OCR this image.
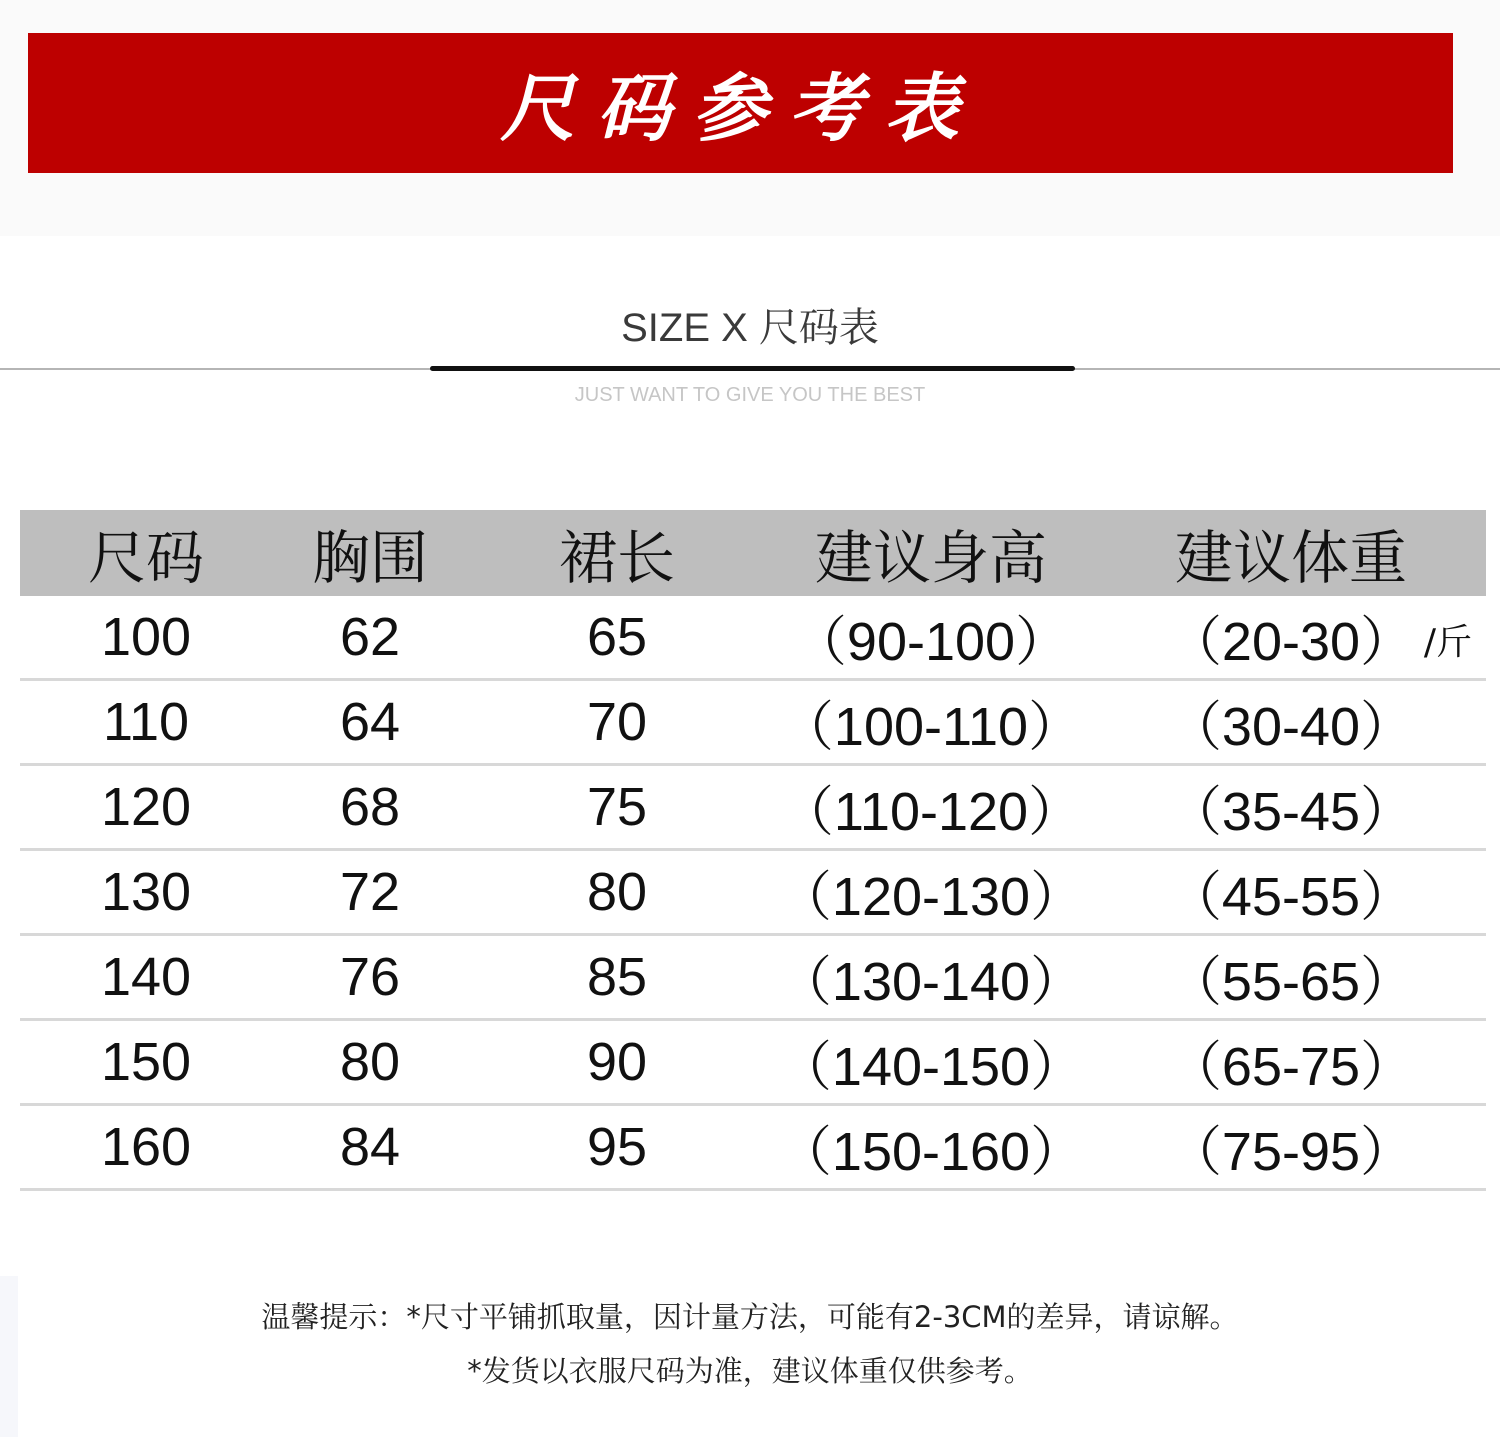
尺码参考表
SIZE X 尺码表
JUST WANT TO GIVE YOU THE BEST
尺码	胸围	裙长	建议身高	建议体重
100	62	65	（90-100）	（20-30） /斤
110	64	70	（100-110）	（30-40）
120	68	75	（110-120）	（35-45）
130	72	80	（120-130）	（45-55）
140	76	85	（130-140）	（55-65）
150	80	90	（140-150）	（65-75）
160	84	95	（150-160）	（75-95）
温馨提示：*尺寸平铺抓取量，因计量方法，可能有2-3CM的差异，请谅解。
*发货以衣服尺码为准，建议体重仅供参考。
